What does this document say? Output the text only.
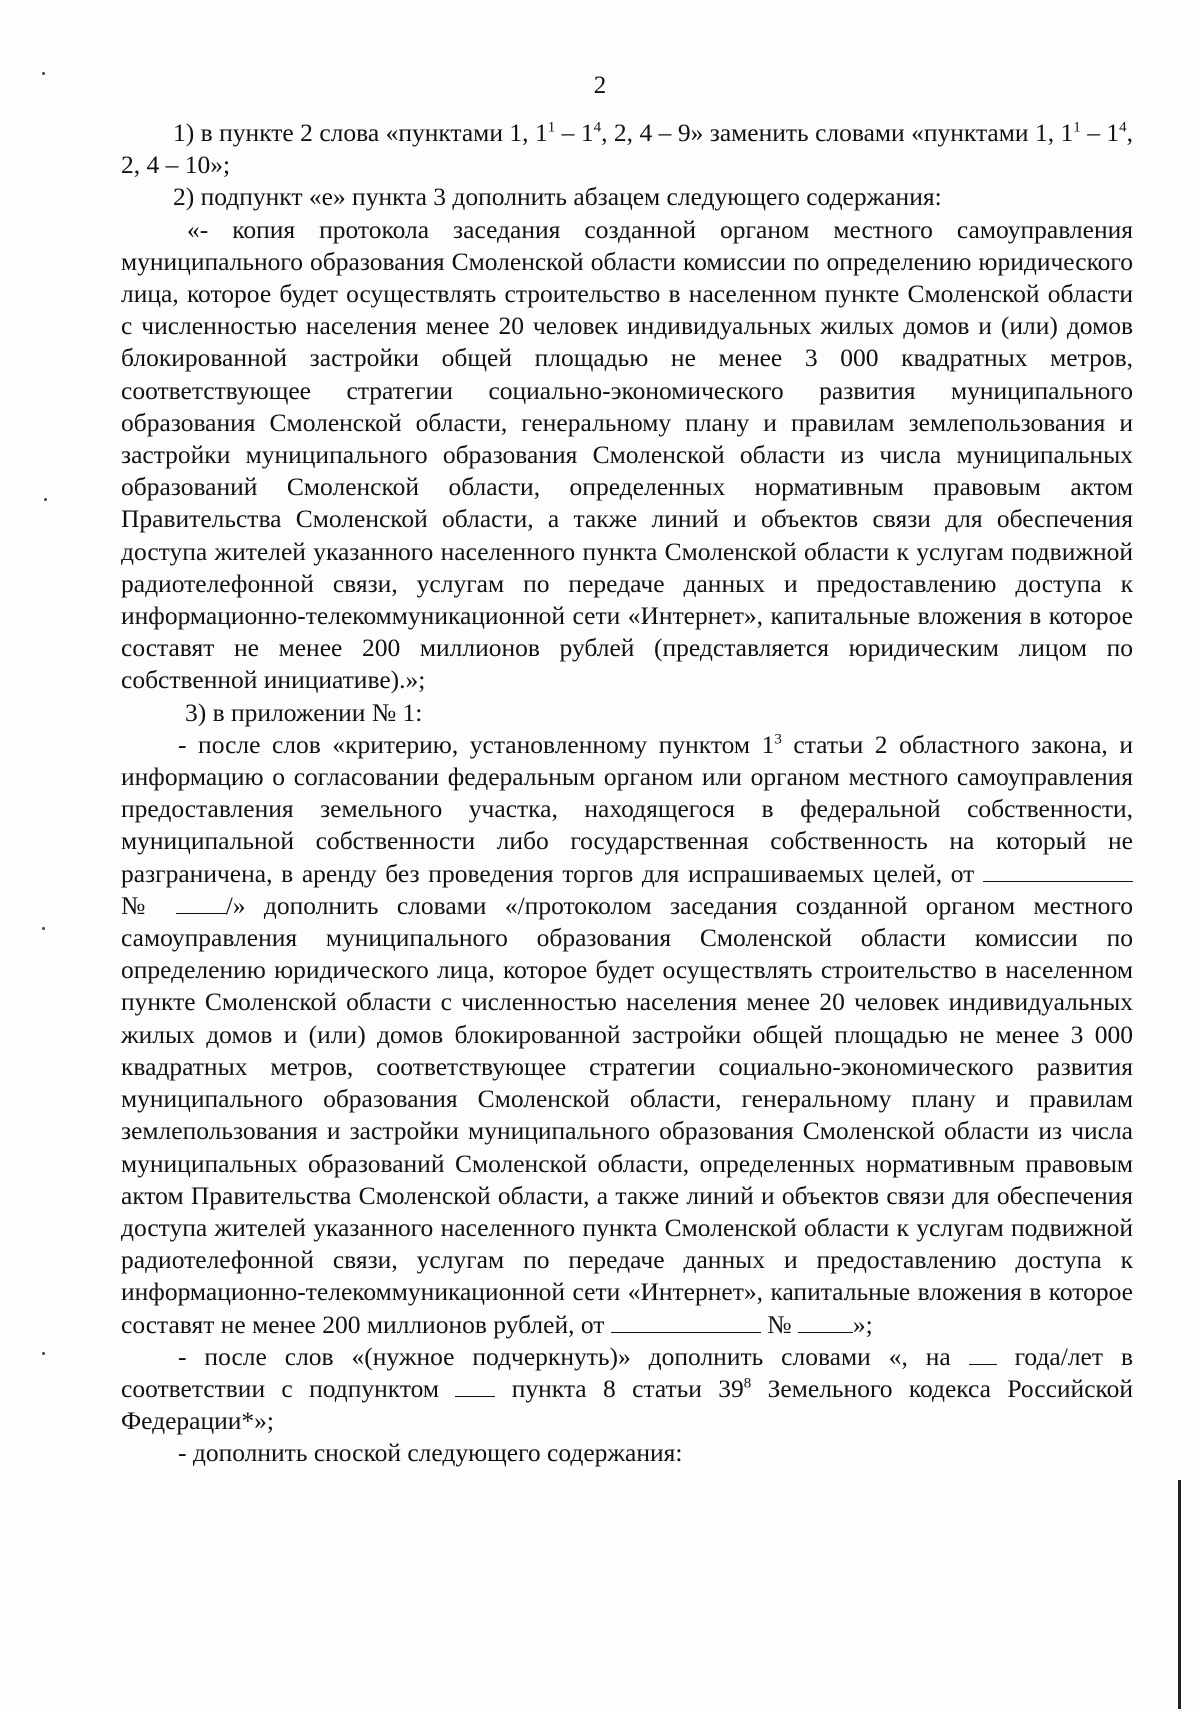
2

1) в пункте 2 слова «пунктами 1, $1^1 - 1^4$, 2, 4 – 9» заменить словами «пунктами 1, $1^1 - 1^4$, 2, 4 – 10»;

2) подпункт «е» пункта 3 дополнить абзацем следующего содержания:

«- копия протокола заседания созданной органом местного самоуправления муниципального образования Смоленской области комиссии по определению юридического лица, которое будет осуществлять строительство в населенном пункте Смоленской области с численностью населения менее 20 человек индивидуальных жилых домов и (или) домов блокированной застройки общей площадью не менее 3 000 квадратных метров, соответствующее стратегии социально-экономического развития муниципального образования Смоленской области, генеральному плану и правилам землепользования и застройки муниципального образования Смоленской области из числа муниципальных образований Смоленской области, определенных нормативным правовым актом Правительства Смоленской области, а также линий и объектов связи для обеспечения доступа жителей указанного населенного пункта Смоленской области к услугам подвижной радиотелефонной связи, услугам по передаче данных и предоставлению доступа к информационно-телекоммуникационной сети «Интернет», капитальные вложения в которое составят не менее 200 миллионов рублей (представляется юридическим лицом по собственной инициативе).»;

3) в приложении № 1:

- после слов «критерию, установленному пунктом $1^3$ статьи 2 областного закона, и информацию о согласовании федеральным органом или органом местного самоуправления предоставления земельного участка, находящегося в федеральной собственности, муниципальной собственности либо государственная собственность на который не разграничена, в аренду без проведения торгов для испрашиваемых целей, от  № /» дополнить словами «/протоколом заседания созданной органом местного самоуправления муниципального образования Смоленской области комиссии по определению юридического лица, которое будет осуществлять строительство в населенном пункте Смоленской области с численностью населения менее 20 человек индивидуальных жилых домов и (или) домов блокированной застройки общей площадью не менее 3 000 квадратных метров, соответствующее стратегии социально-экономического развития муниципального образования Смоленской области, генеральному плану и правилам землепользования и застройки муниципального образования Смоленской области из числа муниципальных образований Смоленской области, определенных нормативным правовым актом Правительства Смоленской области, а также линий и объектов связи для обеспечения доступа жителей указанного населенного пункта Смоленской области к услугам подвижной радиотелефонной связи, услугам по передаче данных и предоставлению доступа к информационно-телекоммуникационной сети «Интернет», капитальные вложения в которое составят не менее 200 миллионов рублей, от	№ »;

- после слов «(нужное подчеркнуть)» дополнить словами «, на  года/лет в соответствии с подпунктом  пункта 8 статьи $39^8$ Земельного кодекса Российской Федерации*»;

- дополнить сноской следующего содержания:
